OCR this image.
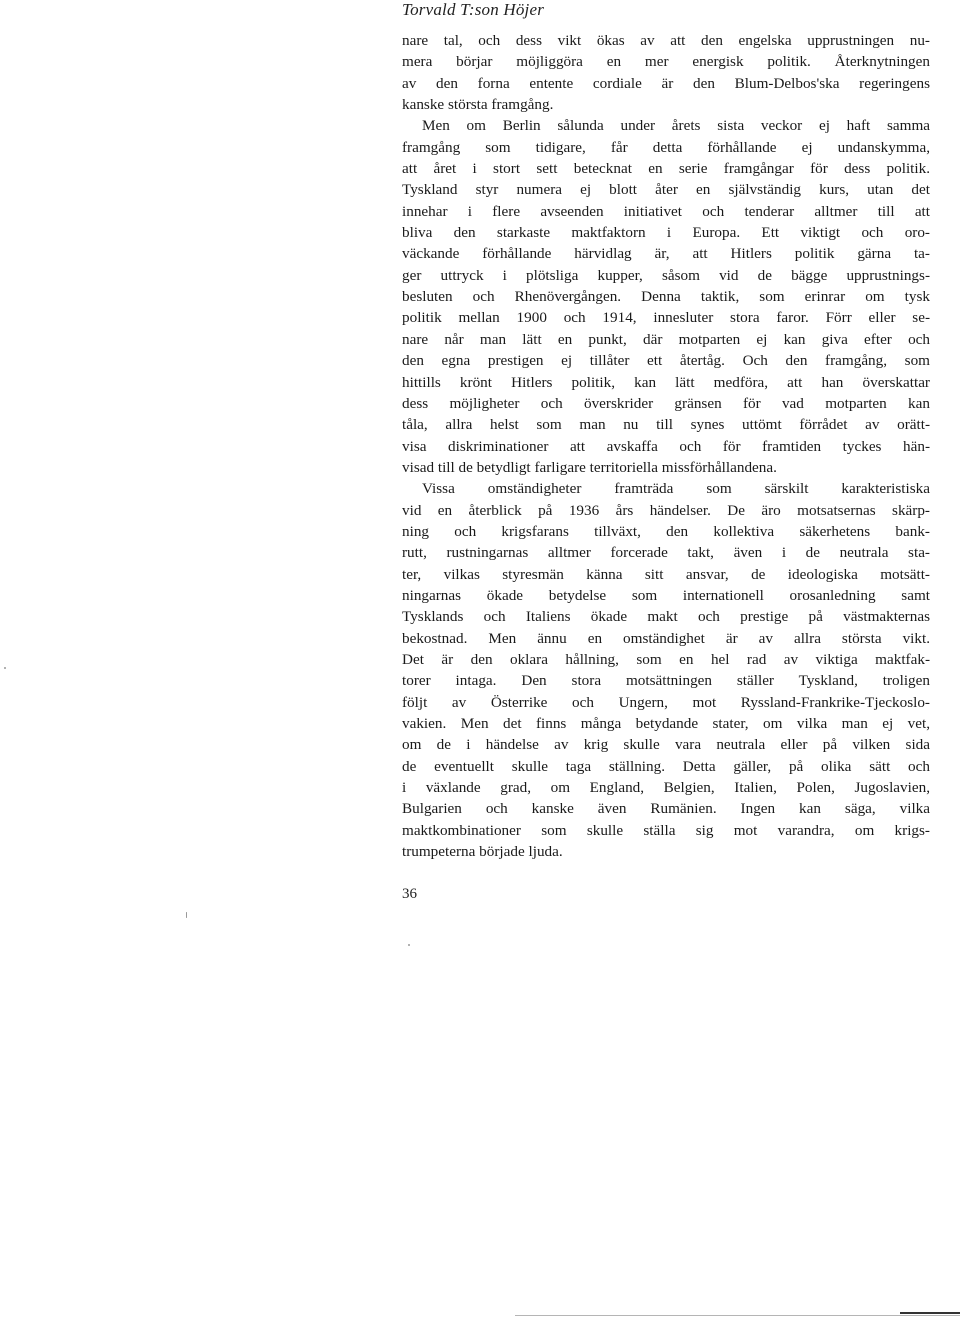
Torvald T:son Höjer
nare tal, och dess vikt ökas av att den engelska upprustningen nu-
mera börjar möjliggöra en mer energisk politik. Återknytningen
av den forna entente cordiale är den Blum-Delbos'ska regeringens
kanske största framgång.
Men om Berlin sålunda under årets sista veckor ej haft samma
framgång som tidigare, får detta förhållande ej undanskymma,
att året i stort sett betecknat en serie framgångar för dess politik.
Tyskland styr numera ej blott åter en självständig kurs, utan det
innehar i flere avseenden initiativet och tenderar alltmer till att
bliva den starkaste maktfaktorn i Europa. Ett viktigt och oro-
väckande förhållande härvidlag är, att Hitlers politik gärna ta-
ger uttryck i plötsliga kupper, såsom vid de bägge upprustnings-
besluten och Rhenövergången. Denna taktik, som erinrar om tysk
politik mellan 1900 och 1914, innesluter stora faror. Förr eller se-
nare når man lätt en punkt, där motparten ej kan giva efter och
den egna prestigen ej tillåter ett återtåg. Och den framgång, som
hittills krönt Hitlers politik, kan lätt medföra, att han överskattar
dess möjligheter och överskrider gränsen för vad motparten kan
tåla, allra helst som man nu till synes uttömt förrådet av orätt-
visa diskriminationer att avskaffa och för framtiden tyckes hän-
visad till de betydligt farligare territoriella missförhållandena.
Vissa omständigheter framträda som särskilt karakteristiska
vid en återblick på 1936 års händelser. De äro motsatsernas skärp-
ning och krigsfarans tillväxt, den kollektiva säkerhetens bank-
rutt, rustningarnas alltmer forcerade takt, även i de neutrala sta-
ter, vilkas styresmän känna sitt ansvar, de ideologiska motsätt-
ningarnas ökade betydelse som internationell orosanledning samt
Tysklands och Italiens ökade makt och prestige på västmakternas
bekostnad. Men ännu en omständighet är av allra största vikt.
Det är den oklara hållning, som en hel rad av viktiga maktfak-
torer intaga. Den stora motsättningen ställer Tyskland, troligen
följt av Österrike och Ungern, mot Ryssland-Frankrike-Tjeckoslo-
vakien. Men det finns många betydande stater, om vilka man ej vet,
om de i händelse av krig skulle vara neutrala eller på vilken sida
de eventuellt skulle taga ställning. Detta gäller, på olika sätt och
i växlande grad, om England, Belgien, Italien, Polen, Jugoslavien,
Bulgarien och kanske även Rumänien. Ingen kan säga, vilka
maktkombinationer som skulle ställa sig mot varandra, om krigs-
trumpeterna började ljuda.
36
